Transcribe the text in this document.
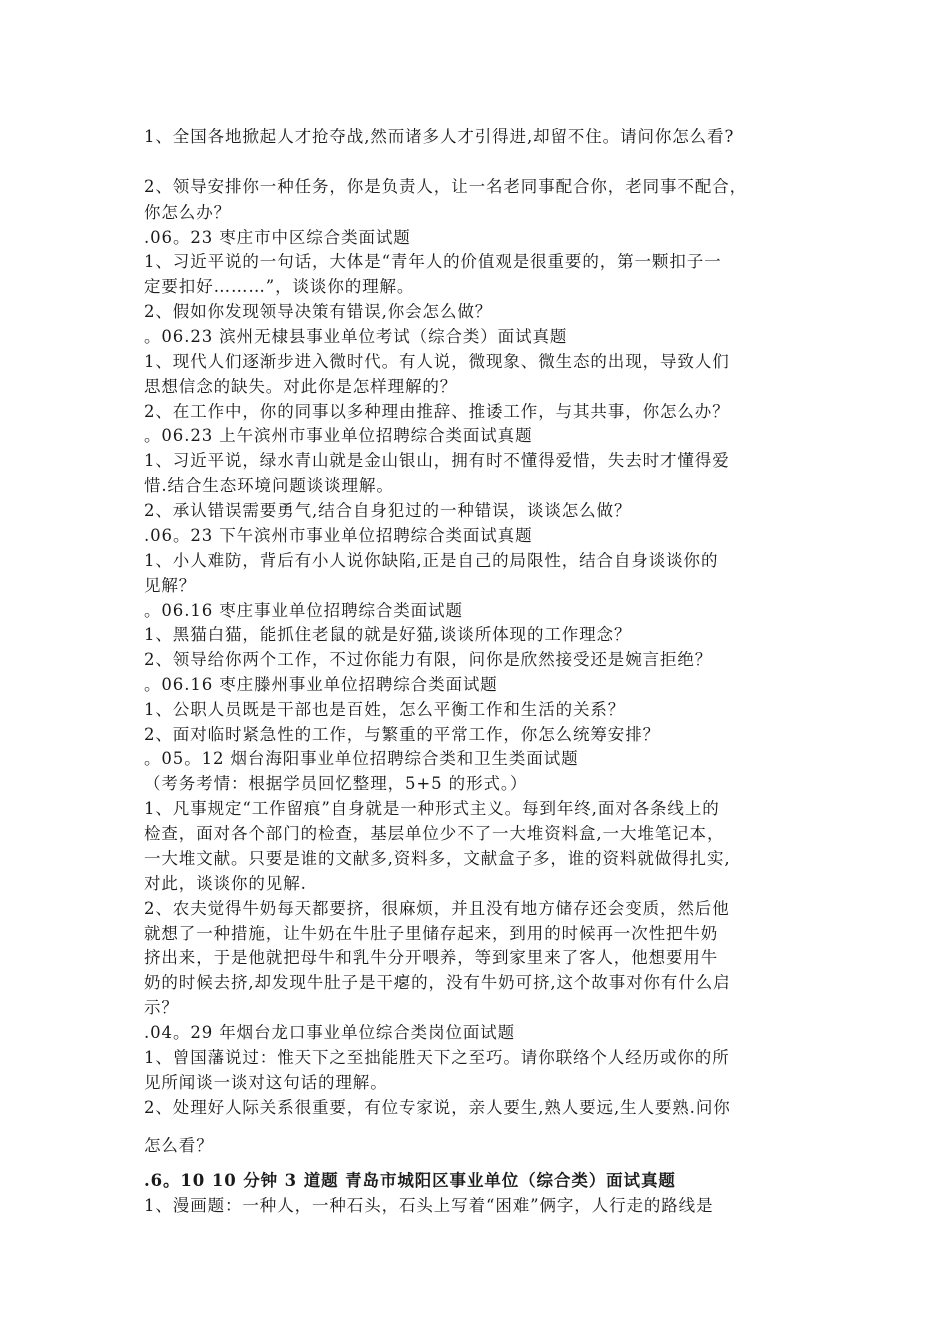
1、全国各地掀起人才抢夺战,然而诸多人才引得进,却留不住。请问你怎么看?
2、领导安排你一种任务，你是负责人，让一名老同事配合你，老同事不配合，
你怎么办？
.06。23 枣庄市中区综合类面试题
1、习近平说的一句话，大体是“青年人的价值观是很重要的，第一颗扣子一
定要扣好………”，谈谈你的理解。
2、假如你发现领导决策有错误,你会怎么做？
。06.23 滨州无棣县事业单位考试（综合类）面试真题
1、现代人们逐渐步进入微时代。有人说，微现象、微生态的出现，导致人们
思想信念的缺失。对此你是怎样理解的？
2、在工作中，你的同事以多种理由推辞、推诿工作，与其共事，你怎么办？
。06.23 上午滨州市事业单位招聘综合类面试真题
1、习近平说，绿水青山就是金山银山，拥有时不懂得爱惜，失去时才懂得爱
惜.结合生态环境问题谈谈理解。
2、承认错误需要勇气,结合自身犯过的一种错误，谈谈怎么做？
.06。23 下午滨州市事业单位招聘综合类面试真题
1、小人难防，背后有小人说你缺陷,正是自己的局限性，结合自身谈谈你的
见解？
。06.16 枣庄事业单位招聘综合类面试题
1、黑猫白猫，能抓住老鼠的就是好猫,谈谈所体现的工作理念？
2、领导给你两个工作，不过你能力有限，问你是欣然接受还是婉言拒绝？
。06.16 枣庄滕州事业单位招聘综合类面试题
1、公职人员既是干部也是百姓，怎么平衡工作和生活的关系？
2、面对临时紧急性的工作，与繁重的平常工作，你怎么统筹安排？
。05。12 烟台海阳事业单位招聘综合类和卫生类面试题
（考务考情：根据学员回忆整理，5+5 的形式。）
1、凡事规定“工作留痕”自身就是一种形式主义。每到年终,面对各条线上的
检查，面对各个部门的检查，基层单位少不了一大堆资料盒,一大堆笔记本，
一大堆文献。只要是谁的文献多,资料多，文献盒子多，谁的资料就做得扎实,
对此，谈谈你的见解.
2、农夫觉得牛奶每天都要挤，很麻烦，并且没有地方储存还会变质，然后他
就想了一种措施，让牛奶在牛肚子里储存起来，到用的时候再一次性把牛奶
挤出来，于是他就把母牛和乳牛分开喂养，等到家里来了客人，他想要用牛
奶的时候去挤,却发现牛肚子是干瘪的，没有牛奶可挤,这个故事对你有什么启
示？
.04。29 年烟台龙口事业单位综合类岗位面试题
1、曾国藩说过：惟天下之至拙能胜天下之至巧。请你联络个人经历或你的所
见所闻谈一谈对这句话的理解。
2、处理好人际关系很重要，有位专家说，亲人要生,熟人要远,生人要熟.问你
怎么看？
.6。10 10 分钟 3 道题 青岛市城阳区事业单位（综合类）面试真题
1、漫画题：一种人，一种石头，石头上写着“困难”俩字，人行走的路线是
